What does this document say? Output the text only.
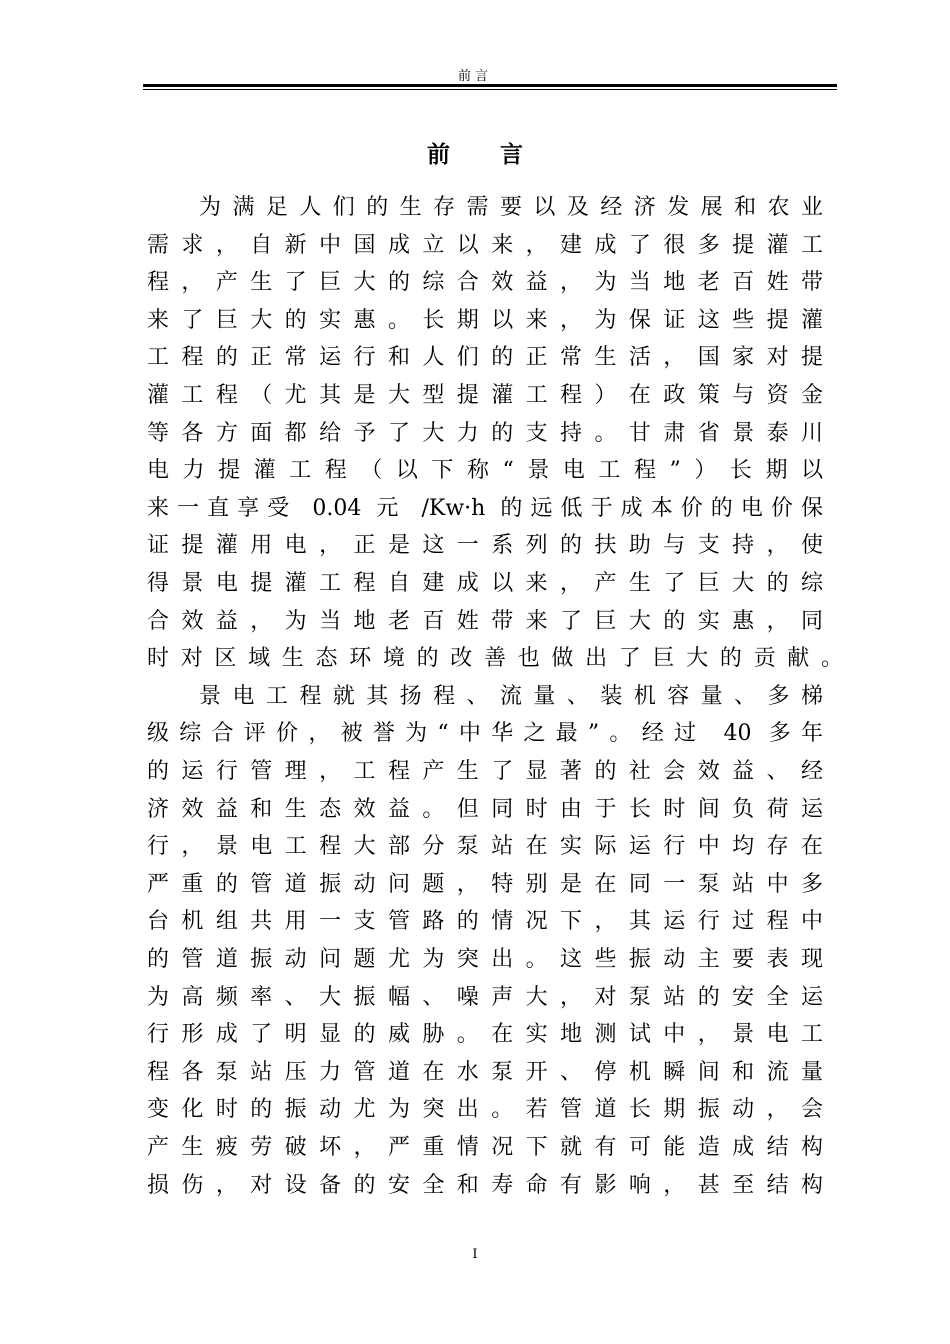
前言
前言
为满足人们的生存需要以及经济发展和农业
需求，自新中国成立以来，建成了很多提灌工
程，产生了巨大的综合效益，为当地老百姓带
来了巨大的实惠。长期以来，为保证这些提灌
工程的正常运行和人们的正常生活，国家对提
灌工程（尤其是大型提灌工程）在政策与资金
等各方面都给予了大力的支持。甘肃省景泰川
电力提灌工程（以下称“景电工程”）长期以
来一直享受 0.04 元 /Kw·h 的远低于成本价的电价保
证提灌用电，正是这一系列的扶助与支持，使
得景电提灌工程自建成以来，产生了巨大的综
合效益，为当地老百姓带来了巨大的实惠，同
时对区域生态环境的改善也做出了巨大的贡献。
景电工程就其扬程、流量、装机容量、多梯
级综合评价，被誉为“中华之最”。经过 40 多年
的运行管理，工程产生了显著的社会效益、经
济效益和生态效益。但同时由于长时间负荷运
行，景电工程大部分泵站在实际运行中均存在
严重的管道振动问题，特别是在同一泵站中多
台机组共用一支管路的情况下，其运行过程中
的管道振动问题尤为突出。这些振动主要表现
为高频率、大振幅、噪声大，对泵站的安全运
行形成了明显的威胁。在实地测试中，景电工
程各泵站压力管道在水泵开、停机瞬间和流量
变化时的振动尤为突出。若管道长期振动，会
产生疲劳破坏，严重情况下就有可能造成结构
损伤，对设备的安全和寿命有影响，甚至结构
I
